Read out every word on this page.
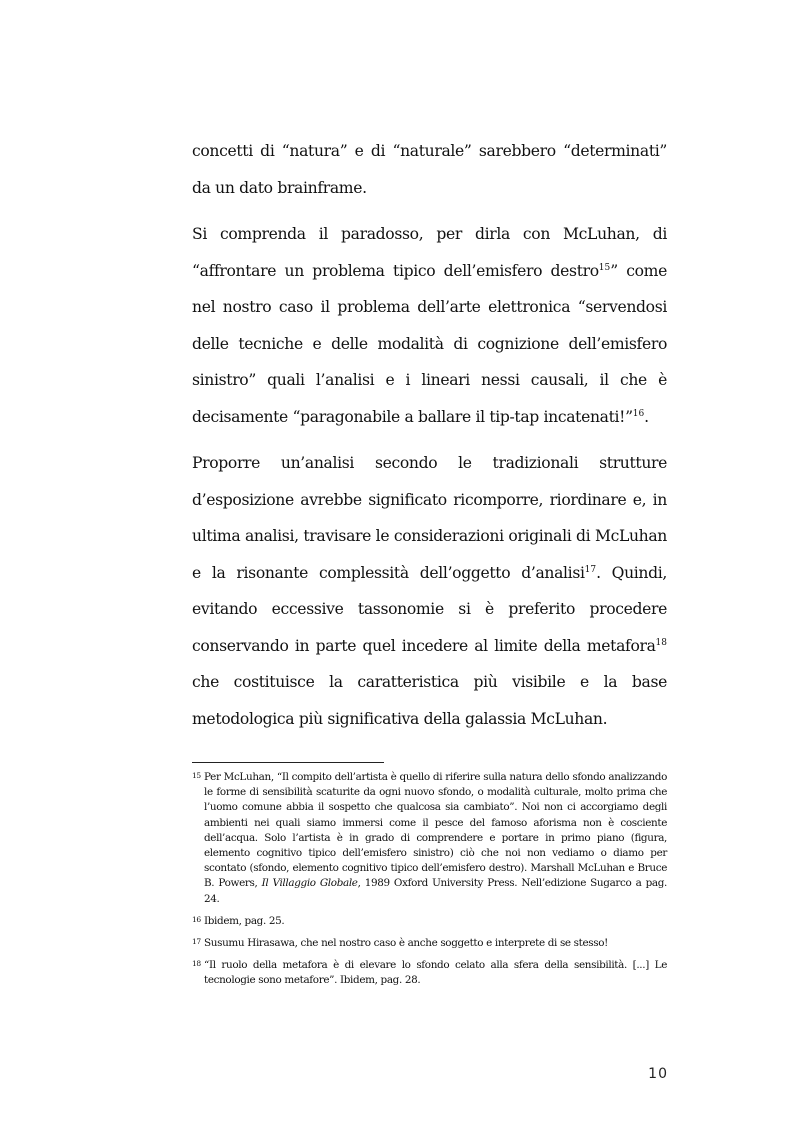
concetti di “natura” e di “naturale” sarebbero “determinati” da un dato brainframe.

Si comprenda il paradosso, per dirla con McLuhan, di “affrontare un problema tipico dell’emisfero destro$^{15}$” come nel nostro caso il problema dell’arte elettronica “servendosi delle tecniche e delle modalità di cognizione dell’emisfero sinistro” quali l’analisi e i lineari nessi causali, il che è decisamente “paragonabile a ballare il tip-tap incatenati!”$^{16}$.

Proporre un’analisi secondo le tradizionali strutture d’esposizione avrebbe significato ricomporre, riordinare e, in ultima analisi, travisare le considerazioni originali di McLuhan e la risonante complessità dell’oggetto d’analisi$^{17}$. Quindi, evitando eccessive tassonomie si è preferito procedere conservando in parte quel incedere al limite della metafora$^{18}$ che costituisce la caratteristica più visibile e la base metodologica più significativa della galassia McLuhan.

15 Per McLuhan, “Il compito dell’artista è quello di riferire sulla natura dello sfondo analizzando le forme di sensibilità scaturite da ogni nuovo sfondo, o modalità culturale, molto prima che l’uomo comune abbia il sospetto che qualcosa sia cambiato”. Noi non ci accorgiamo degli ambienti nei quali siamo immersi come il pesce del famoso aforisma non è cosciente dell’acqua. Solo l’artista è in grado di comprendere e portare in primo piano (figura, elemento cognitivo tipico dell’emisfero sinistro) ciò che noi non vediamo o diamo per scontato (sfondo, elemento cognitivo tipico dell’emisfero destro). Marshall McLuhan e Bruce B. Powers, Il Villaggio Globale, 1989 Oxford University Press. Nell’edizione Sugarco a pag. 24.
16 Ibidem, pag. 25.
17 Susumu Hirasawa, che nel nostro caso è anche soggetto e interprete di se stesso!
18 “Il ruolo della metafora è di elevare lo sfondo celato alla sfera della sensibilità. [...] Le tecnologie sono metafore”. Ibidem, pag. 28.
10
